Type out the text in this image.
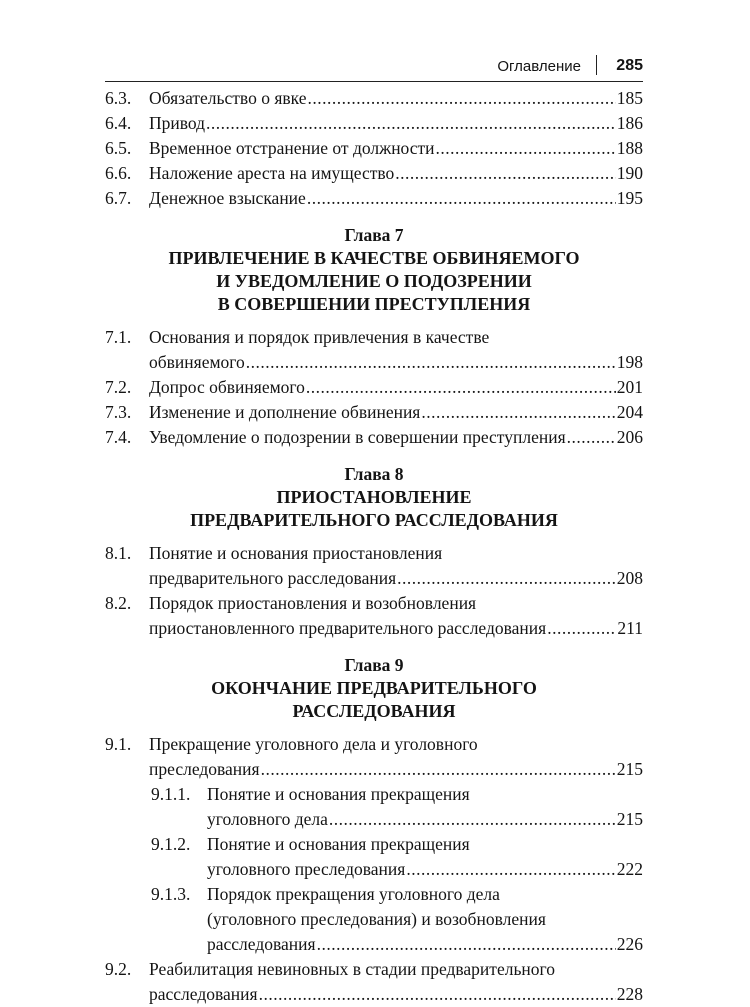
Оглавление 285
6.3.	Обязательство о явке .....	185
6.4.	Привод .....	186
6.5.	Временное отстранение от должности .....	188
6.6.	Наложение ареста на имущество .....	190
6.7.	Денежное взыскание .....	195
Глава 7
ПРИВЛЕЧЕНИЕ В КАЧЕСТВЕ ОБВИНЯЕМОГО
И УВЕДОМЛЕНИЕ О ПОДОЗРЕНИИ
В СОВЕРШЕНИИ ПРЕСТУПЛЕНИЯ
7.1.	Основания и порядок привлечения в качестве
обвиняемого .....	198
7.2.	Допрос обвиняемого .....	201
7.3.	Изменение и дополнение обвинения .....	204
7.4.	Уведомление о подозрении в совершении преступления .....	206
Глава 8
ПРИОСТАНОВЛЕНИЕ
ПРЕДВАРИТЕЛЬНОГО РАССЛЕДОВАНИЯ
8.1.	Понятие и основания приостановления
предварительного расследования .....	208
8.2.	Порядок приостановления и возобновления
приостановленного предварительного расследования .....	211
Глава 9
ОКОНЧАНИЕ ПРЕДВАРИТЕЛЬНОГО
РАССЛЕДОВАНИЯ
9.1.	Прекращение уголовного дела и уголовного
преследования .....	215
9.1.1. Понятие и основания прекращения
уголовного дела .....	215
9.1.2. Понятие и основания прекращения
уголовного преследования .....	222
9.1.3. Порядок прекращения уголовного дела
(уголовного преследования) и возобновления
расследования .....	226
9.2.	Реабилитация невиновных в стадии предварительного
расследования .....	228
